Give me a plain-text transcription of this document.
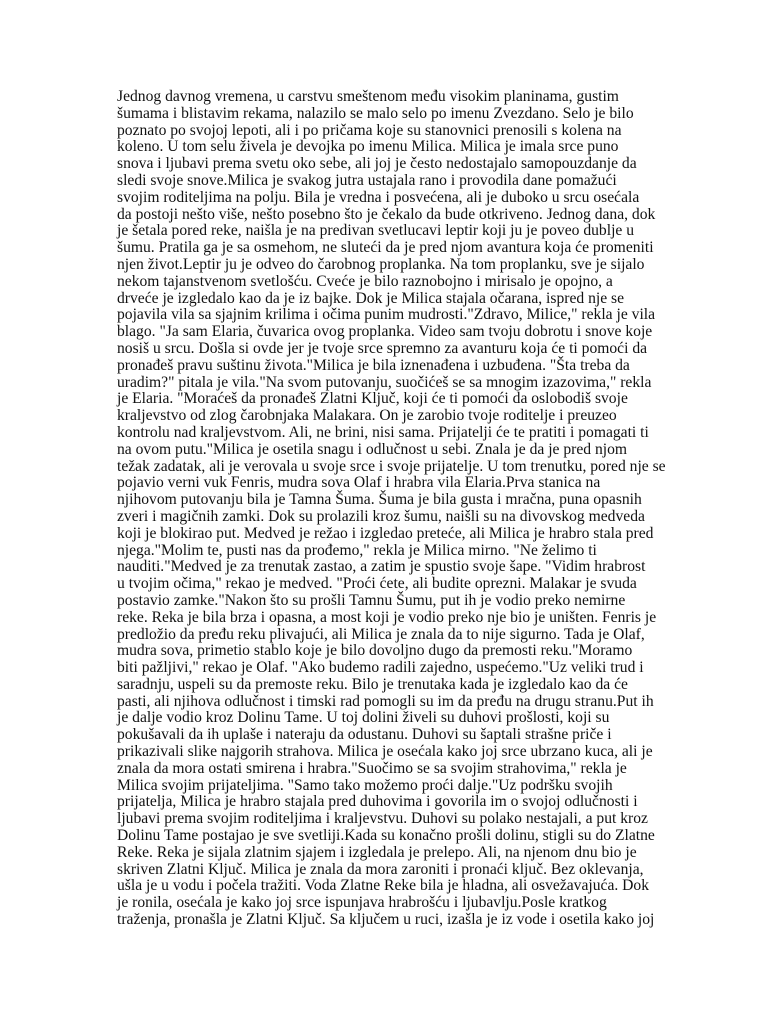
Jednog davnog vremena, u carstvu smeštenom među visokim planinama, gustim
šumama i blistavim rekama, nalazilo se malo selo po imenu Zvezdano. Selo je bilo
poznato po svojoj lepoti, ali i po pričama koje su stanovnici prenosili s kolena na
koleno. U tom selu živela je devojka po imenu Milica. Milica je imala srce puno
snova i ljubavi prema svetu oko sebe, ali joj je često nedostajalo samopouzdanje da
sledi svoje snove.Milica je svakog jutra ustajala rano i provodila dane pomažući
svojim roditeljima na polju. Bila je vredna i posvećena, ali je duboko u srcu osećala
da postoji nešto više, nešto posebno što je čekalo da bude otkriveno. Jednog dana, dok
je šetala pored reke, naišla je na predivan svetlucavi leptir koji ju je poveo dublje u
šumu. Pratila ga je sa osmehom, ne sluteći da je pred njom avantura koja će promeniti
njen život.Leptir ju je odveo do čarobnog proplanka. Na tom proplanku, sve je sijalo
nekom tajanstvenom svetlošću. Cveće je bilo raznobojno i mirisalo je opojno, a
drveće je izgledalo kao da je iz bajke. Dok je Milica stajala očarana, ispred nje se
pojavila vila sa sjajnim krilima i očima punim mudrosti."Zdravo, Milice," rekla je vila
blago. "Ja sam Elaria, čuvarica ovog proplanka. Video sam tvoju dobrotu i snove koje
nosiš u srcu. Došla si ovde jer je tvoje srce spremno za avanturu koja će ti pomoći da
pronađeš pravu suštinu života."Milica je bila iznenađena i uzbuđena. "Šta treba da
uradim?" pitala je vila."Na svom putovanju, suočićeš se sa mnogim izazovima," rekla
je Elaria. "Moraćeš da pronađeš Zlatni Ključ, koji će ti pomoći da oslobodiš svoje
kraljevstvo od zlog čarobnjaka Malakara. On je zarobio tvoje roditelje i preuzeo
kontrolu nad kraljevstvom. Ali, ne brini, nisi sama. Prijatelji će te pratiti i pomagati ti
na ovom putu."Milica je osetila snagu i odlučnost u sebi. Znala je da je pred njom
težak zadatak, ali je verovala u svoje srce i svoje prijatelje. U tom trenutku, pored nje se
pojavio verni vuk Fenris, mudra sova Olaf i hrabra vila Elaria.Prva stanica na
njihovom putovanju bila je Tamna Šuma. Šuma je bila gusta i mračna, puna opasnih
zveri i magičnih zamki. Dok su prolazili kroz šumu, naišli su na divovskog medveda
koji je blokirao put. Medved je režao i izgledao preteće, ali Milica je hrabro stala pred
njega."Molim te, pusti nas da prođemo," rekla je Milica mirno. "Ne želimo ti
nauditi."Medved je za trenutak zastao, a zatim je spustio svoje šape. "Vidim hrabrost
u tvojim očima," rekao je medved. "Proći ćete, ali budite oprezni. Malakar je svuda
postavio zamke."Nakon što su prošli Tamnu Šumu, put ih je vodio preko nemirne
reke. Reka je bila brza i opasna, a most koji je vodio preko nje bio je uništen. Fenris je
predložio da pređu reku plivajući, ali Milica je znala da to nije sigurno. Tada je Olaf,
mudra sova, primetio stablo koje je bilo dovoljno dugo da premosti reku."Moramo
biti pažljivi," rekao je Olaf. "Ako budemo radili zajedno, uspećemo."Uz veliki trud i
saradnju, uspeli su da premoste reku. Bilo je trenutaka kada je izgledalo kao da će
pasti, ali njihova odlučnost i timski rad pomogli su im da pređu na drugu stranu.Put ih
je dalje vodio kroz Dolinu Tame. U toj dolini živeli su duhovi prošlosti, koji su
pokušavali da ih uplaše i nateraju da odustanu. Duhovi su šaptali strašne priče i
prikazivali slike najgorih strahova. Milica je osećala kako joj srce ubrzano kuca, ali je
znala da mora ostati smirena i hrabra."Suočimo se sa svojim strahovima," rekla je
Milica svojim prijateljima. "Samo tako možemo proći dalje."Uz podršku svojih
prijatelja, Milica je hrabro stajala pred duhovima i govorila im o svojoj odlučnosti i
ljubavi prema svojim roditeljima i kraljevstvu. Duhovi su polako nestajali, a put kroz
Dolinu Tame postajao je sve svetliji.Kada su konačno prošli dolinu, stigli su do Zlatne
Reke. Reka je sijala zlatnim sjajem i izgledala je prelepo. Ali, na njenom dnu bio je
skriven Zlatni Ključ. Milica je znala da mora zaroniti i pronaći ključ. Bez oklevanja,
ušla je u vodu i počela tražiti. Voda Zlatne Reke bila je hladna, ali osvežavajuća. Dok
je ronila, osećala je kako joj srce ispunjava hrabrošću i ljubavlju.Posle kratkog
traženja, pronašla je Zlatni Ključ. Sa ključem u ruci, izašla je iz vode i osetila kako joj
